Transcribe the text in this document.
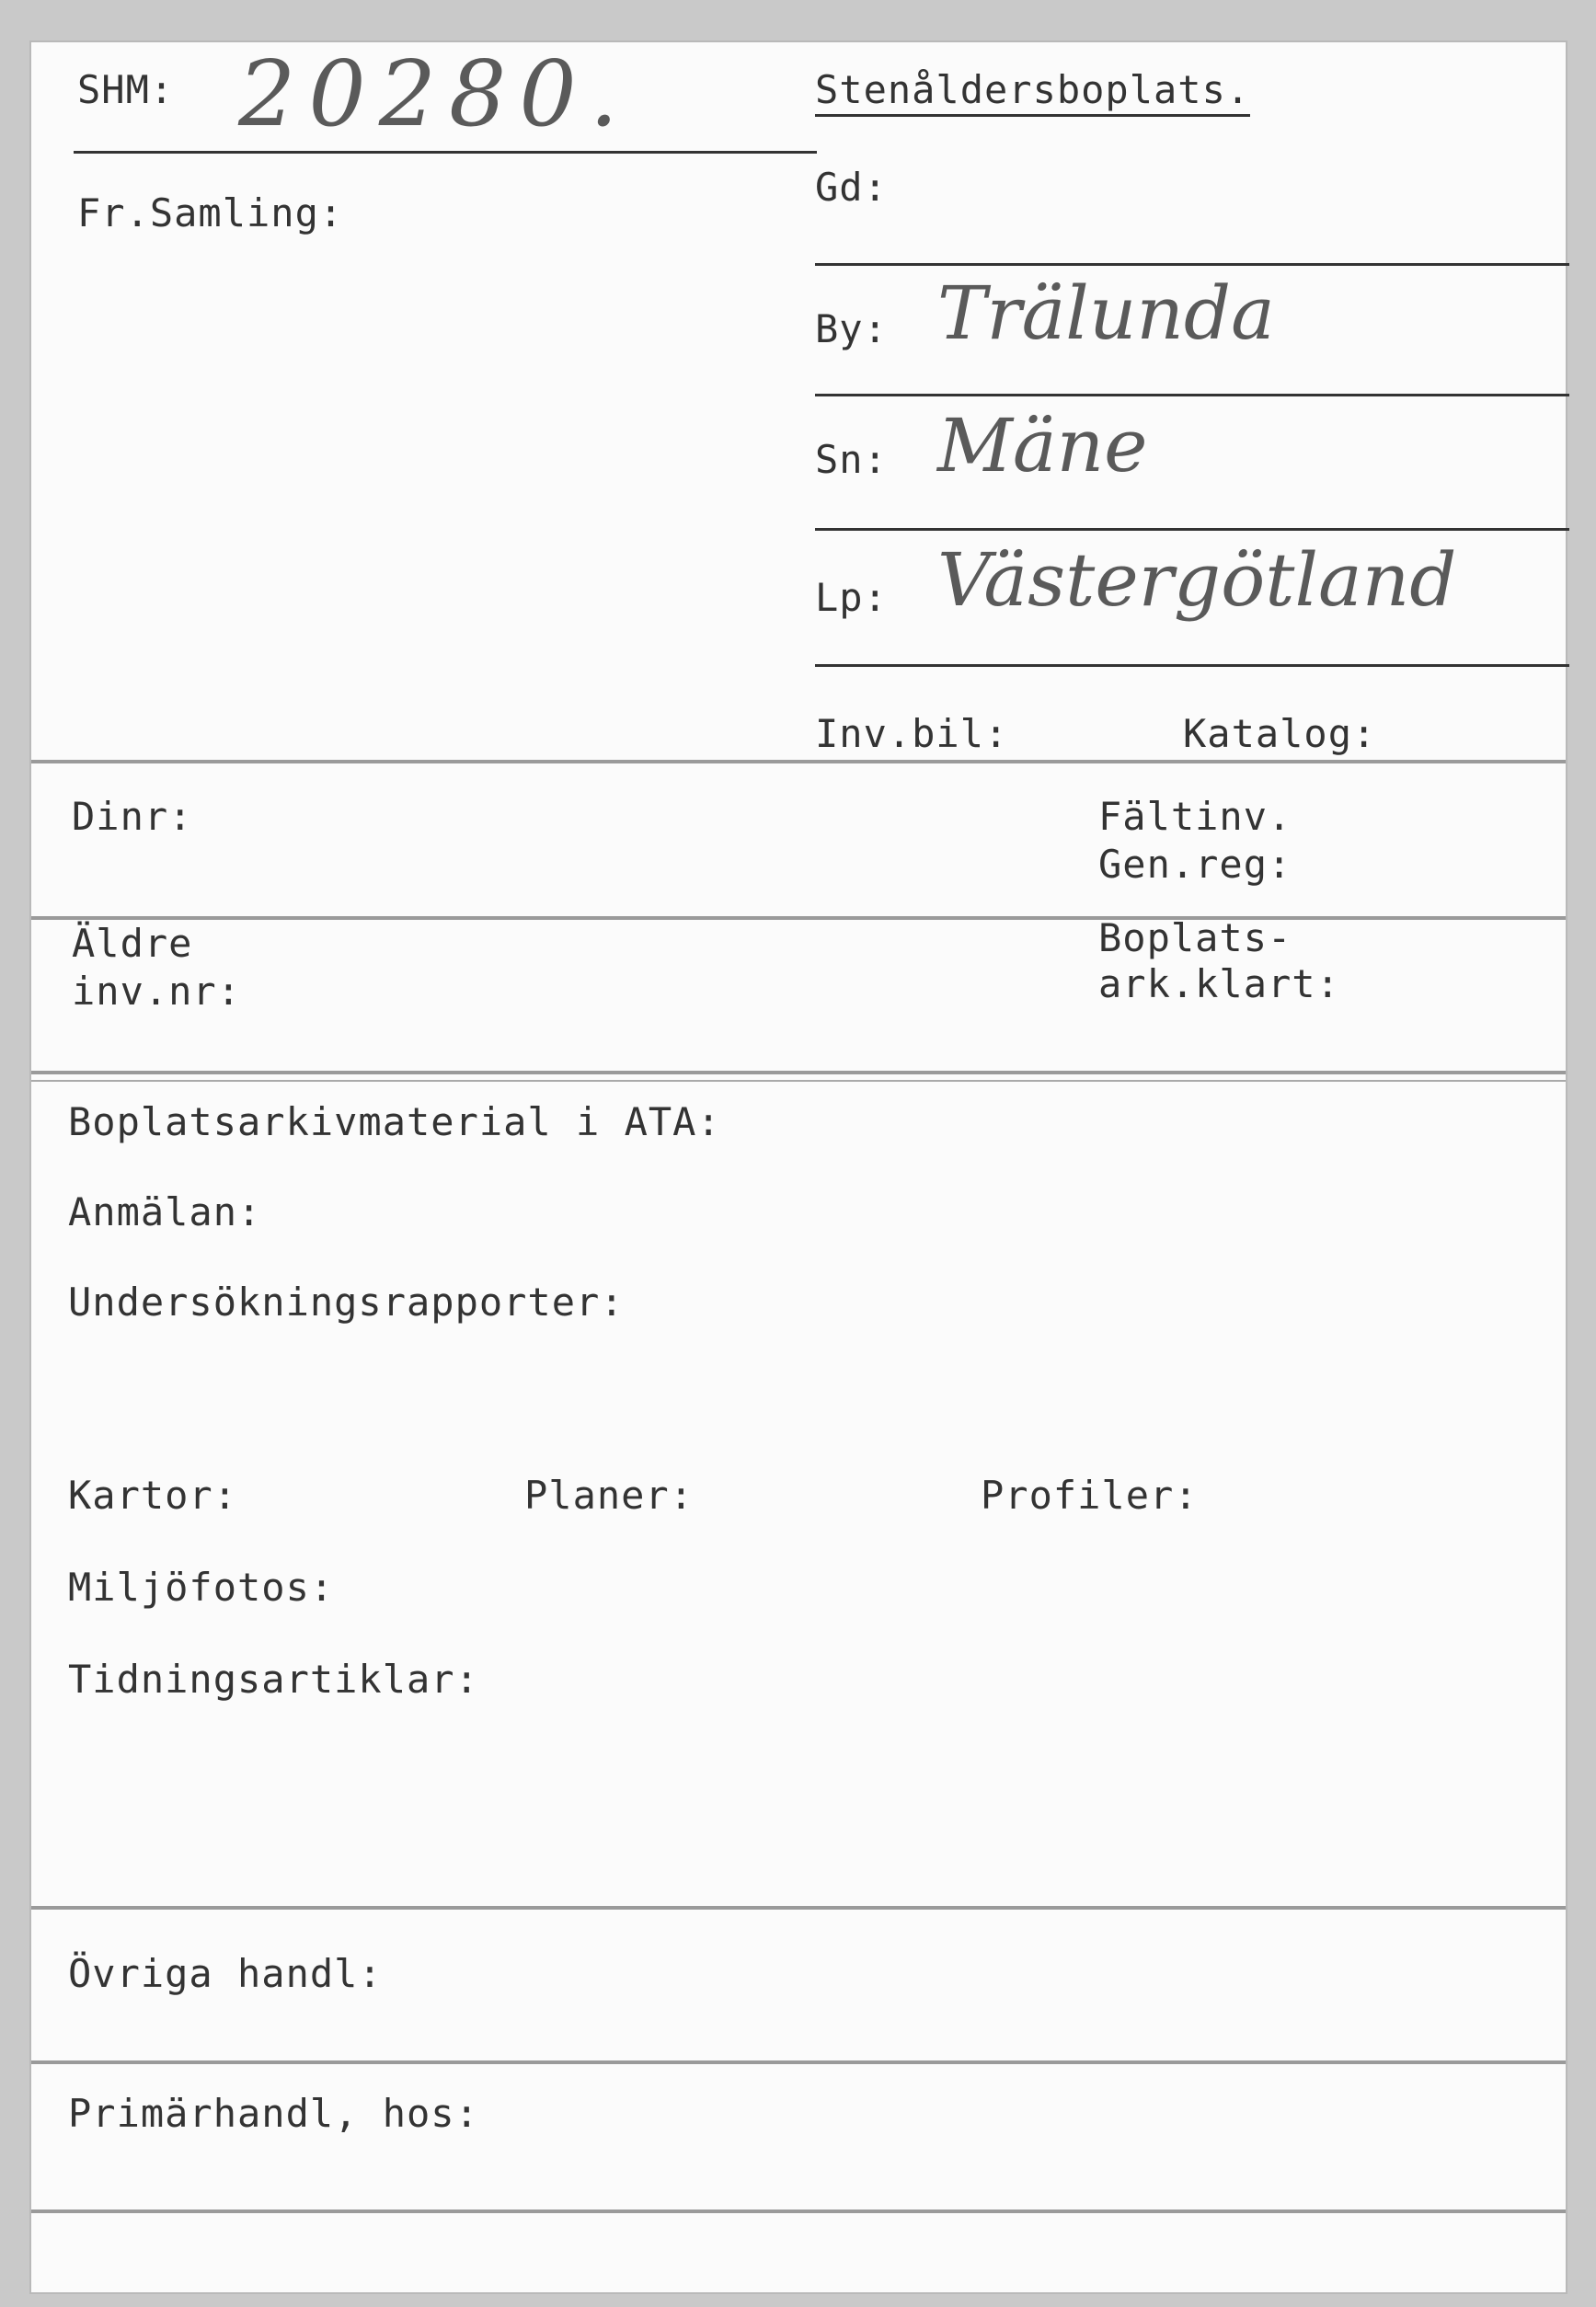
SHM: 20280.
Fr.Samling:
Stenåldersboplats.
Gd:
By: Trälunda
Sn: Mäne
Lp: Västergötland
Inv.bil:	Katalog:
Dinr:	Fältinv.
Gen.reg:
Äldre
inv.nr:
Boplats-
ark.klart:
Boplatsarkivmaterial i ATA:
Anmälan:
Undersökningsrapporter:
Kartor:	Planer:	Profiler:
Miljöfotos:
Tidningsartiklar:
Övriga handl:
Primärhandl, hos:
